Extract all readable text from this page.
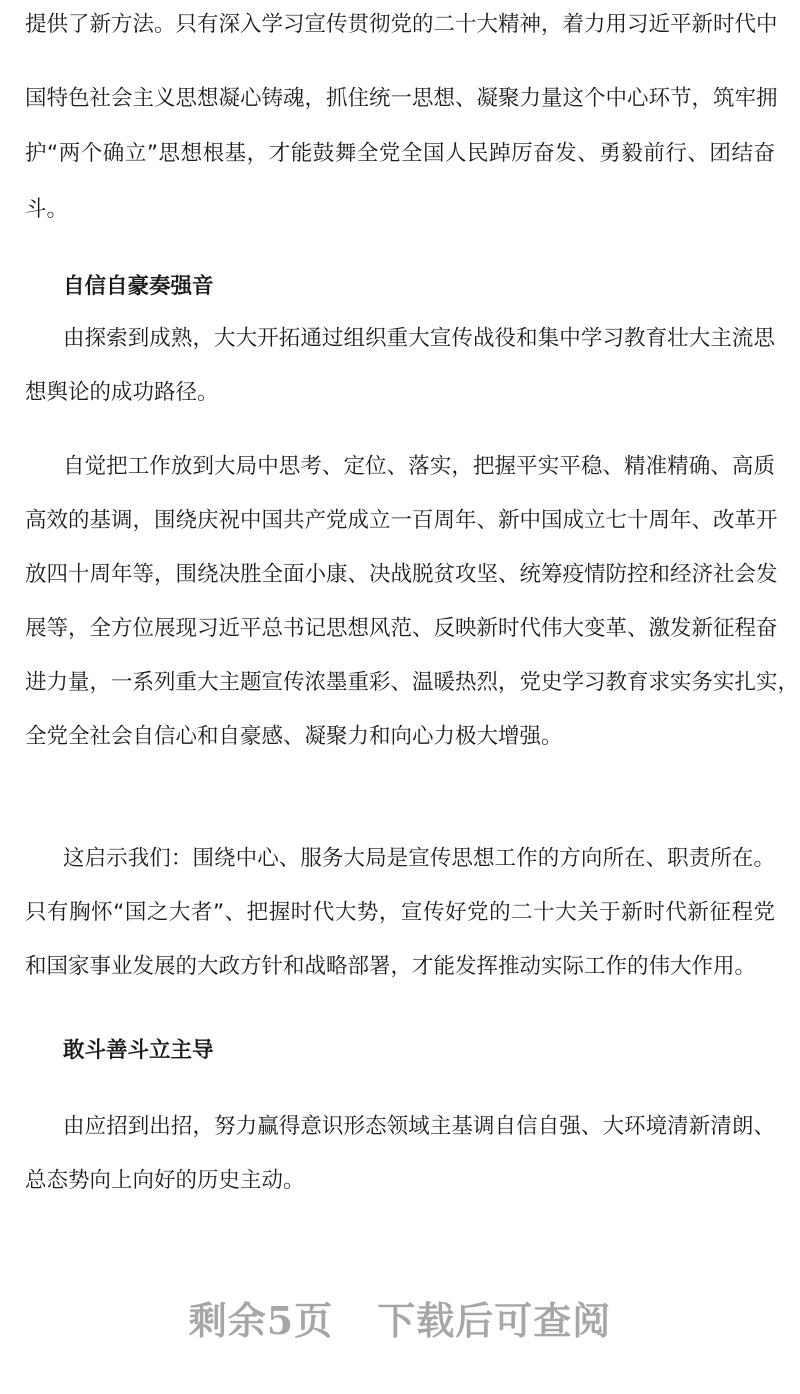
提供了新方法。只有深入学习宣传贯彻党的二十大精神，着力用习近平新时代中
国特色社会主义思想凝心铸魂，抓住统一思想、凝聚力量这个中心环节，筑牢拥
护“两个确立”思想根基，才能鼓舞全党全国人民踔厉奋发、勇毅前行、团结奋
斗。
自信自豪奏强音
由探索到成熟，大大开拓通过组织重大宣传战役和集中学习教育壮大主流思
想舆论的成功路径。
自觉把工作放到大局中思考、定位、落实，把握平实平稳、精准精确、高质
高效的基调，围绕庆祝中国共产党成立一百周年、新中国成立七十周年、改革开
放四十周年等，围绕决胜全面小康、决战脱贫攻坚、统筹疫情防控和经济社会发
展等，全方位展现习近平总书记思想风范、反映新时代伟大变革、激发新征程奋
进力量，一系列重大主题宣传浓墨重彩、温暖热烈，党史学习教育求实务实扎实，
全党全社会自信心和自豪感、凝聚力和向心力极大增强。
这启示我们：围绕中心、服务大局是宣传思想工作的方向所在、职责所在。
只有胸怀“国之大者”、把握时代大势，宣传好党的二十大关于新时代新征程党
和国家事业发展的大政方针和战略部署，才能发挥推动实际工作的伟大作用。
敢斗善斗立主导
由应招到出招，努力赢得意识形态领域主基调自信自强、大环境清新清朗、
总态势向上向好的历史主动。
剩余5页 下载后可查阅
